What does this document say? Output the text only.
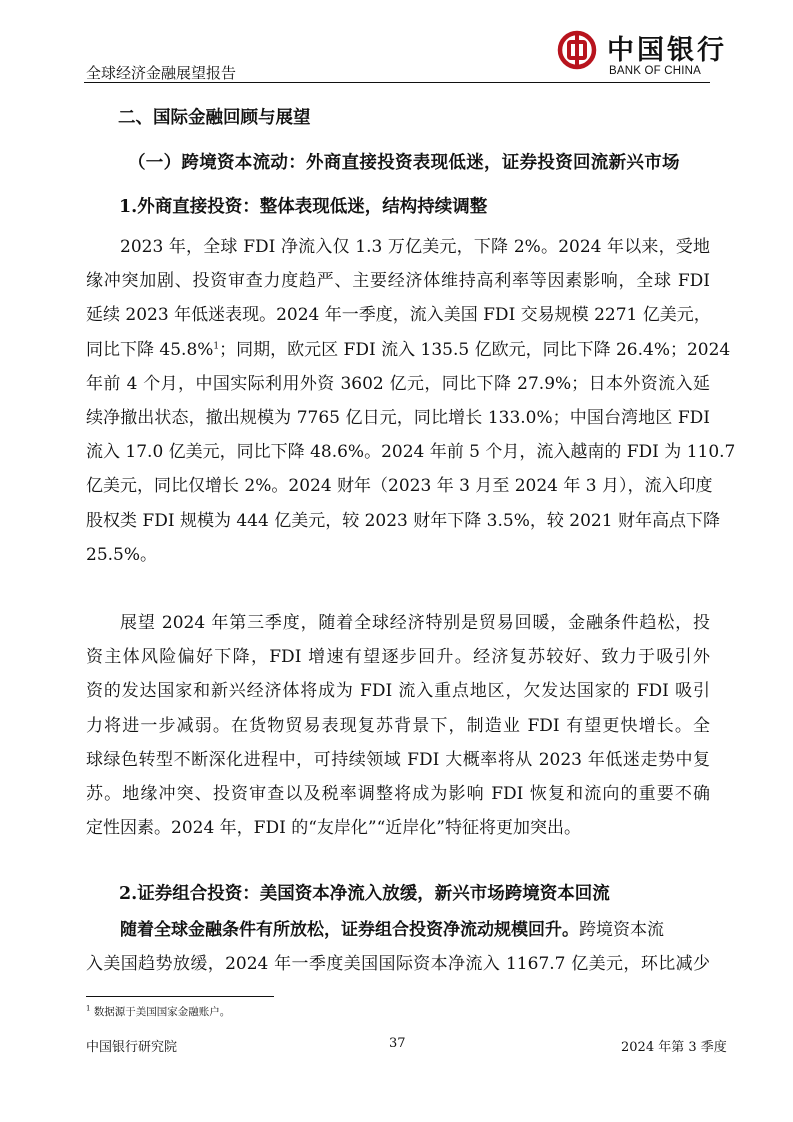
中国银行
BANK OF CHINA
全球经济金融展望报告
二、国际金融回顾与展望
（一）跨境资本流动：外商直接投资表现低迷，证券投资回流新兴市场
1.外商直接投资：整体表现低迷，结构持续调整
2023 年，全球 FDI 净流入仅 1.3 万亿美元，下降 2%。2024 年以来，受地
缘冲突加剧、投资审查力度趋严、主要经济体维持高利率等因素影响，全球 FDI
延续 2023 年低迷表现。2024 年一季度，流入美国 FDI 交易规模 2271 亿美元，
同比下降 45.8%$^1$；同期，欧元区 FDI 流入 135.5 亿欧元，同比下降 26.4%；2024
年前 4 个月，中国实际利用外资 3602 亿元，同比下降 27.9%；日本外资流入延
续净撤出状态，撤出规模为 7765 亿日元，同比增长 133.0%；中国台湾地区 FDI
流入 17.0 亿美元，同比下降 48.6%。2024 年前 5 个月，流入越南的 FDI 为 110.7
亿美元，同比仅增长 2%。2024 财年（2023 年 3 月至 2024 年 3 月），流入印度
股权类 FDI 规模为 444 亿美元，较 2023 财年下降 3.5%，较 2021 财年高点下降
25.5%。
展望 2024 年第三季度，随着全球经济特别是贸易回暖，金融条件趋松，投
资主体风险偏好下降，FDI 增速有望逐步回升。经济复苏较好、致力于吸引外
资的发达国家和新兴经济体将成为 FDI 流入重点地区，欠发达国家的 FDI 吸引
力将进一步减弱。在货物贸易表现复苏背景下，制造业 FDI 有望更快增长。全
球绿色转型不断深化进程中，可持续领域 FDI 大概率将从 2023 年低迷走势中复
苏。地缘冲突、投资审查以及税率调整将成为影响 FDI 恢复和流向的重要不确
定性因素。2024 年，FDI 的“友岸化”“近岸化”特征将更加突出。
2.证券组合投资：美国资本净流入放缓，新兴市场跨境资本回流
随着全球金融条件有所放松，证券组合投资净流动规模回升。跨境资本流
入美国趋势放缓，2024 年一季度美国国际资本净流入 1167.7 亿美元，环比减少
$^1$ 数据源于美国国家金融账户。
中国银行研究院	37	2024 年第 3 季度
